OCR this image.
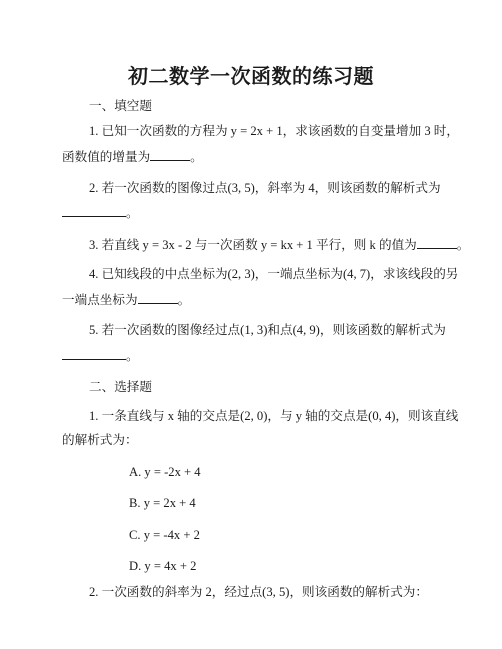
初二数学一次函数的练习题
一、填空题
1. 已知一次函数的方程为 y = 2x + 1，求该函数的自变量增加 3 时，
函数值的增量为	。
2. 若一次函数的图像过点(3, 5)，斜率为 4，则该函数的解析式为
。
3. 若直线 y = 3x - 2 与一次函数 y = kx + 1 平行，则 k 的值为	。
4. 已知线段的中点坐标为(2, 3)，一端点坐标为(4, 7)，求该线段的另
一端点坐标为	。
5. 若一次函数的图像经过点(1, 3)和点(4, 9)，则该函数的解析式为
。
二、选择题
1. 一条直线与 x 轴的交点是(2, 0)，与 y 轴的交点是(0, 4)，则该直线
的解析式为：
A. y = -2x + 4
B. y = 2x + 4
C. y = -4x + 2
D. y = 4x + 2
2. 一次函数的斜率为 2，经过点(3, 5)，则该函数的解析式为：
